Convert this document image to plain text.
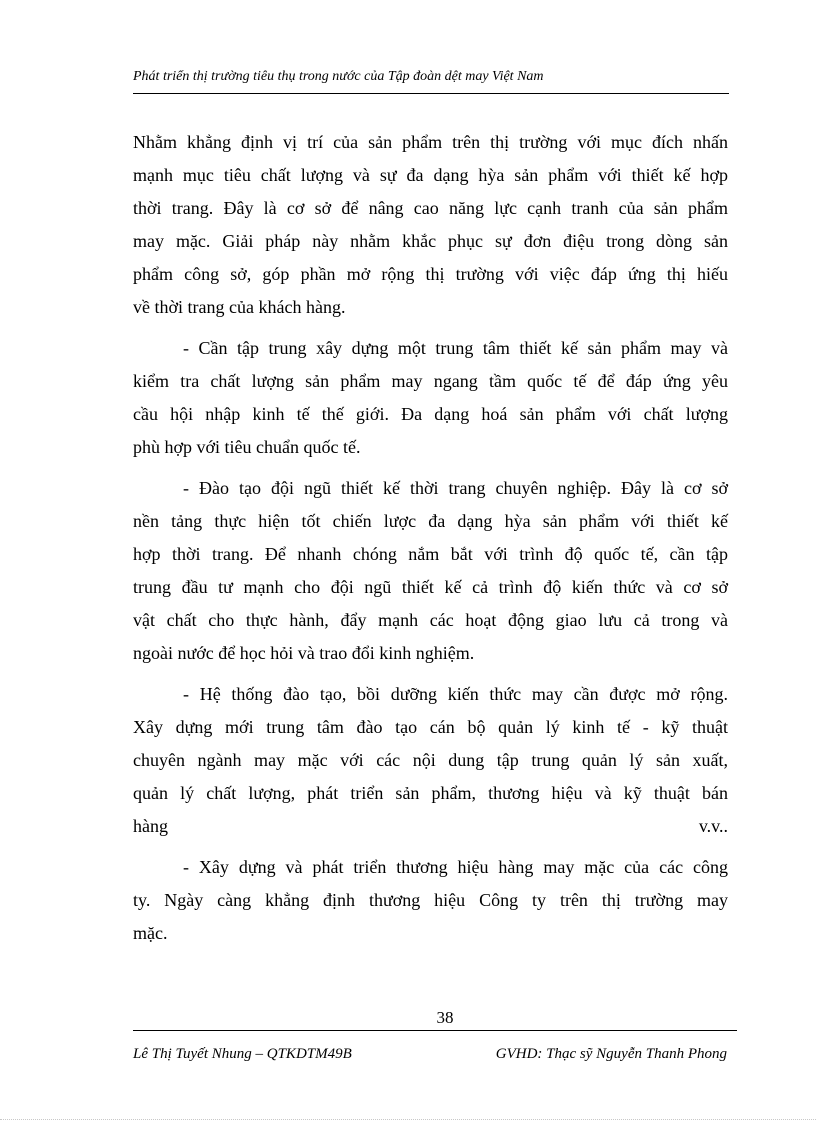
Phát triển thị trường tiêu thụ trong nước của Tập đoàn dệt may Việt Nam
Nhằm khẳng định vị trí của sản phẩm trên thị trường với mục đích nhấn
mạnh mục tiêu chất lượng và sự đa dạng hỳa sản phẩm với thiết kế hợp
thời trang. Đây là cơ sở để nâng cao năng lực cạnh tranh của sản phẩm
may mặc. Giải pháp này nhằm khắc phục sự đơn điệu trong dòng sản
phẩm công sở, góp phần mở rộng thị trường với việc đáp ứng thị hiếu
về thời trang của khách hàng.
- Cần tập trung xây dựng một trung tâm thiết kế sản phẩm may và
kiểm tra chất lượng sản phẩm may ngang tầm quốc tế để đáp ứng yêu
cầu hội nhập kinh tế thế giới. Đa dạng hoá sản phẩm với chất lượng
phù hợp với tiêu chuẩn quốc tế.
- Đào tạo đội ngũ thiết kế thời trang chuyên nghiệp. Đây là cơ sở
nền tảng thực hiện tốt chiến lược đa dạng hỳa sản phẩm với thiết kế
hợp thời trang. Để nhanh chóng nắm bắt với trình độ quốc tế, cần tập
trung đầu tư mạnh cho đội ngũ thiết kế cả trình độ kiến thức và cơ sở
vật chất cho thực hành, đẩy mạnh các hoạt động giao lưu cả trong và
ngoài nước để học hỏi và trao đổi kinh nghiệm.
- Hệ thống đào tạo, bồi dưỡng kiến thức may cần được mở rộng.
Xây dựng mới trung tâm đào tạo cán bộ quản lý kinh tế - kỹ thuật
chuyên ngành may mặc với các nội dung tập trung quản lý sản xuất,
quản lý chất lượng, phát triển sản phẩm, thương hiệu và kỹ thuật bán
hàng	v.v..
- Xây dựng và phát triển thương hiệu hàng may mặc của các công
ty. Ngày càng khẳng định thương hiệu Công ty trên thị trường may
mặc.
38
Lê Thị Tuyết Nhung – QTKDTM49B	GVHD: Thạc sỹ Nguyễn Thanh Phong
